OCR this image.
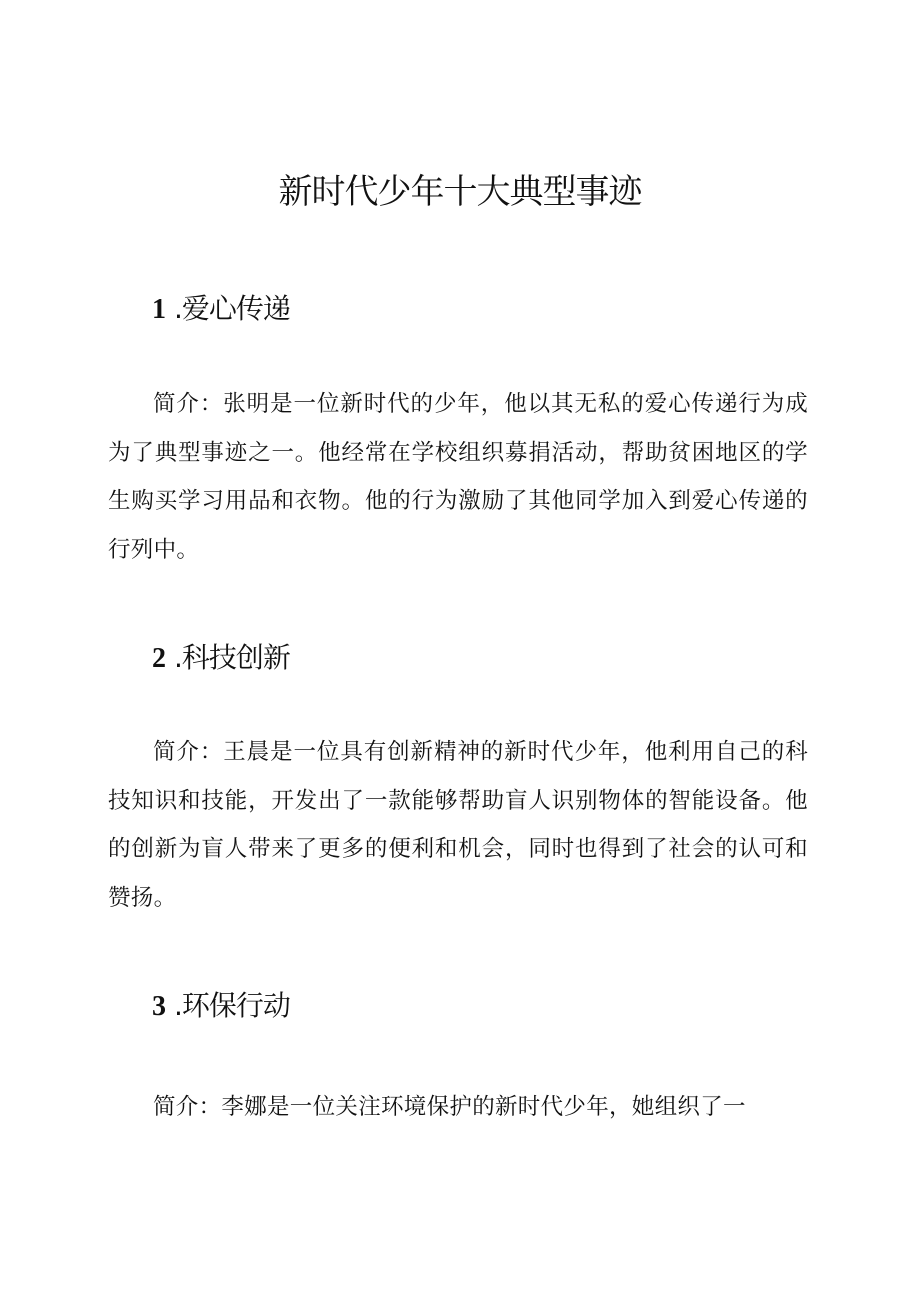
新时代少年十大典型事迹
1 .爱心传递

简介：张明是一位新时代的少年，他以其无私的爱心传递行为成为了典型事迹之一。他经常在学校组织募捐活动，帮助贫困地区的学生购买学习用品和衣物。他的行为激励了其他同学加入到爱心传递的行列中。

2 .科技创新

简介：王晨是一位具有创新精神的新时代少年，他利用自己的科技知识和技能，开发出了一款能够帮助盲人识别物体的智能设备。他的创新为盲人带来了更多的便利和机会，同时也得到了社会的认可和赞扬。

3 .环保行动

简介：李娜是一位关注环境保护的新时代少年，她组织了一
